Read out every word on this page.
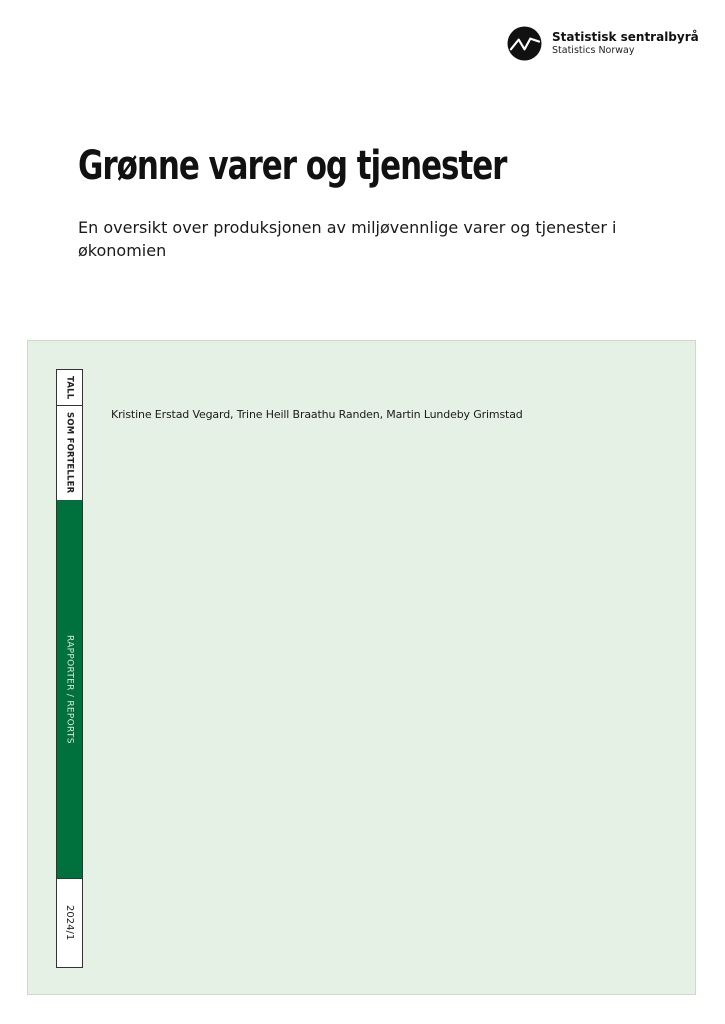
Statistisk sentralbyrå
Statistics Norway
Grønne varer og tjenester

En oversikt over produksjonen av miljøvennlige varer og tjenester i økonomien

TALL
SOM FORTELLER
RAPPORTER / REPORTS
2024/1

Kristine Erstad Vegard, Trine Heill Braathu Randen, Martin Lundeby Grimstad
